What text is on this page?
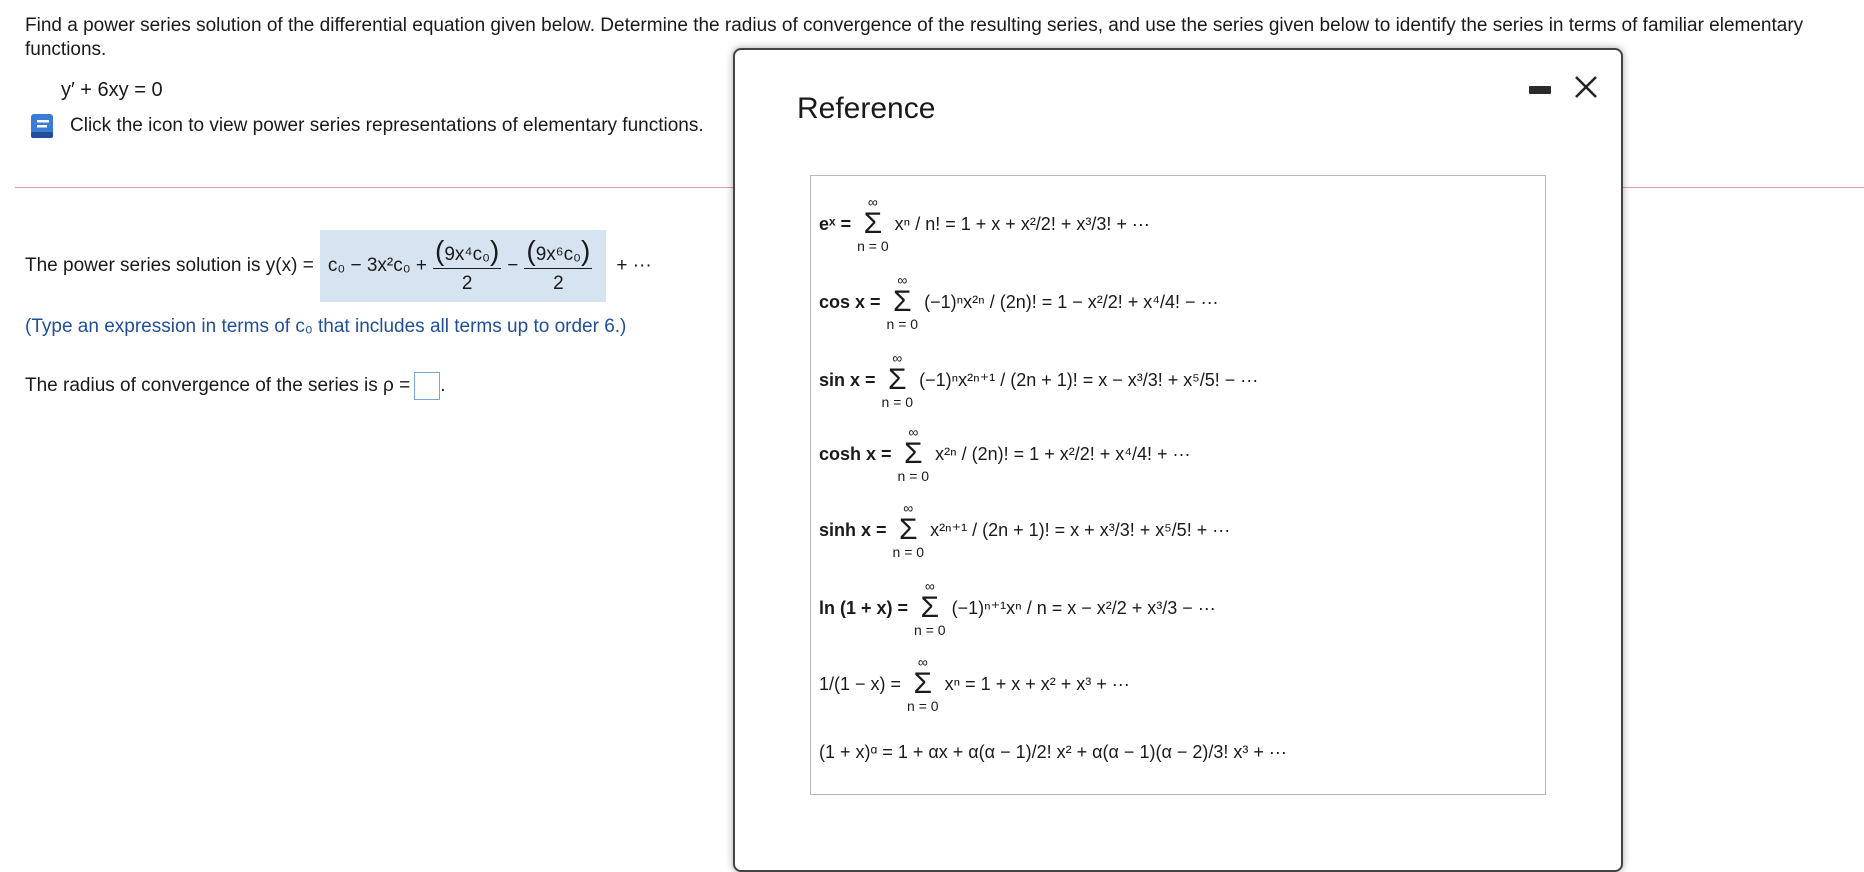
Find a power series solution of the differential equation given below. Determine the radius of convergence of the resulting series, and use the series given below to identify the series in terms of familiar elementary functions.
y′ + 6xy = 0
Click the icon to view power series representations of elementary functions.
The power series solution is $y(x) = c_0 - 3x^2c_0 + \frac{\text{(9x⁴c₀)}}{2} - \frac{\text{(9x⁶c₀)}}{2}$ + ···
(Type an expression in terms of c₀ that includes all terms up to order 6.)
The radius of convergence of the series is ρ = .
Reference
eˣ =
∞
Σ
n = 0
xⁿ / n!
= 1 + x + x²/2! + x³/3! + ···
cos x =
∞
Σ
n = 0
(−1)ⁿx²ⁿ / (2n)!
= 1 − x²/2! + x⁴/4! − ···
sin x =
∞
Σ
n = 0
(−1)ⁿx²ⁿ⁺¹ / (2n + 1)!
= x − x³/3! + x⁵/5! − ···
cosh x =
∞
Σ
n = 0
x²ⁿ / (2n)!
= 1 + x²/2! + x⁴/4! + ···
sinh x =
∞
Σ
n = 0
x²ⁿ⁺¹ / (2n + 1)!
= x + x³/3! + x⁵/5! + ···
ln (1 + x) =
∞
Σ
n = 0
(−1)ⁿ⁺¹xⁿ / n
= x − x²/2 + x³/3 − ···
1/(1 − x) =
∞
Σ
n = 0
xⁿ
= 1 + x + x² + x³ + ···
(1 + x)ᵅ =
1 + αx + α(α − 1)/2! x² + α(α − 1)(α − 2)/3! x³ + ···
